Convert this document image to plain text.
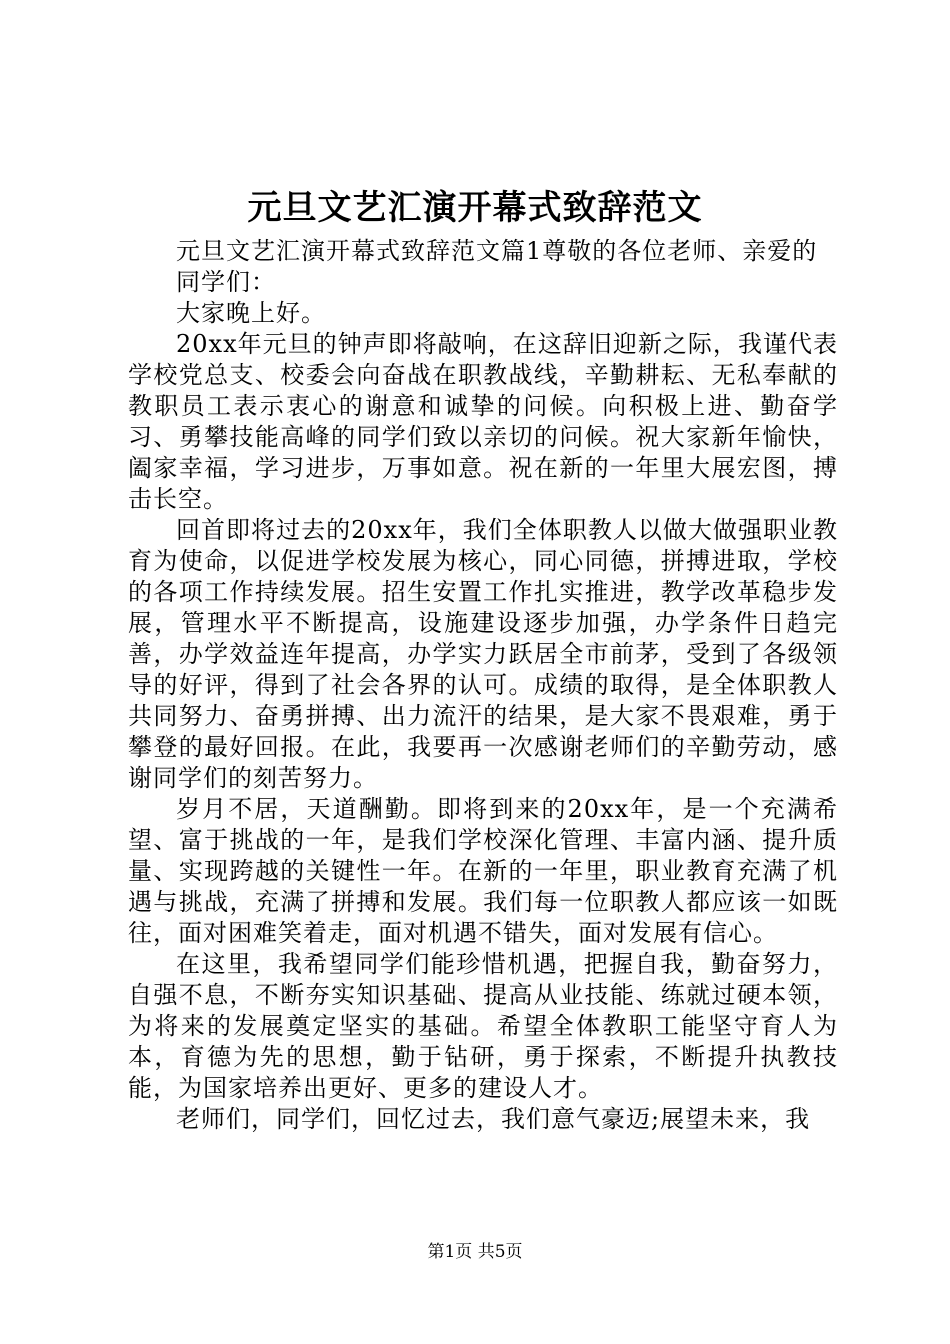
元旦文艺汇演开幕式致辞范文

元旦文艺汇演开幕式致辞范文篇1尊敬的各位老师、亲爱的

同学们：

大家晚上好。

20xx年元旦的钟声即将敲响，在这辞旧迎新之际，我谨代表学校党总支、校委会向奋战在职教战线，辛勤耕耘、无私奉献的教职员工表示衷心的谢意和诚挚的问候。向积极上进、勤奋学习、勇攀技能高峰的同学们致以亲切的问候。祝大家新年愉快，阖家幸福，学习进步，万事如意。祝在新的一年里大展宏图，搏击长空。

回首即将过去的20xx年，我们全体职教人以做大做强职业教育为使命，以促进学校发展为核心，同心同德，拼搏进取，学校的各项工作持续发展。招生安置工作扎实推进，教学改革稳步发展，管理水平不断提高，设施建设逐步加强，办学条件日趋完善，办学效益连年提高，办学实力跃居全市前茅，受到了各级领导的好评，得到了社会各界的认可。成绩的取得，是全体职教人共同努力、奋勇拼搏、出力流汗的结果，是大家不畏艰难，勇于攀登的最好回报。在此，我要再一次感谢老师们的辛勤劳动，感谢同学们的刻苦努力。

岁月不居，天道酬勤。即将到来的20xx年，是一个充满希望、富于挑战的一年，是我们学校深化管理、丰富内涵、提升质量、实现跨越的关键性一年。在新的一年里，职业教育充满了机遇与挑战，充满了拼搏和发展。我们每一位职教人都应该一如既往，面对困难笑着走，面对机遇不错失，面对发展有信心。

在这里，我希望同学们能珍惜机遇，把握自我，勤奋努力，自强不息，不断夯实知识基础、提高从业技能、练就过硬本领，为将来的发展奠定坚实的基础。希望全体教职工能坚守育人为本，育德为先的思想，勤于钻研，勇于探索，不断提升执教技能，为国家培养出更好、更多的建设人才。

老师们，同学们，回忆过去，我们意气豪迈;展望未来，我

第1页 共5页
